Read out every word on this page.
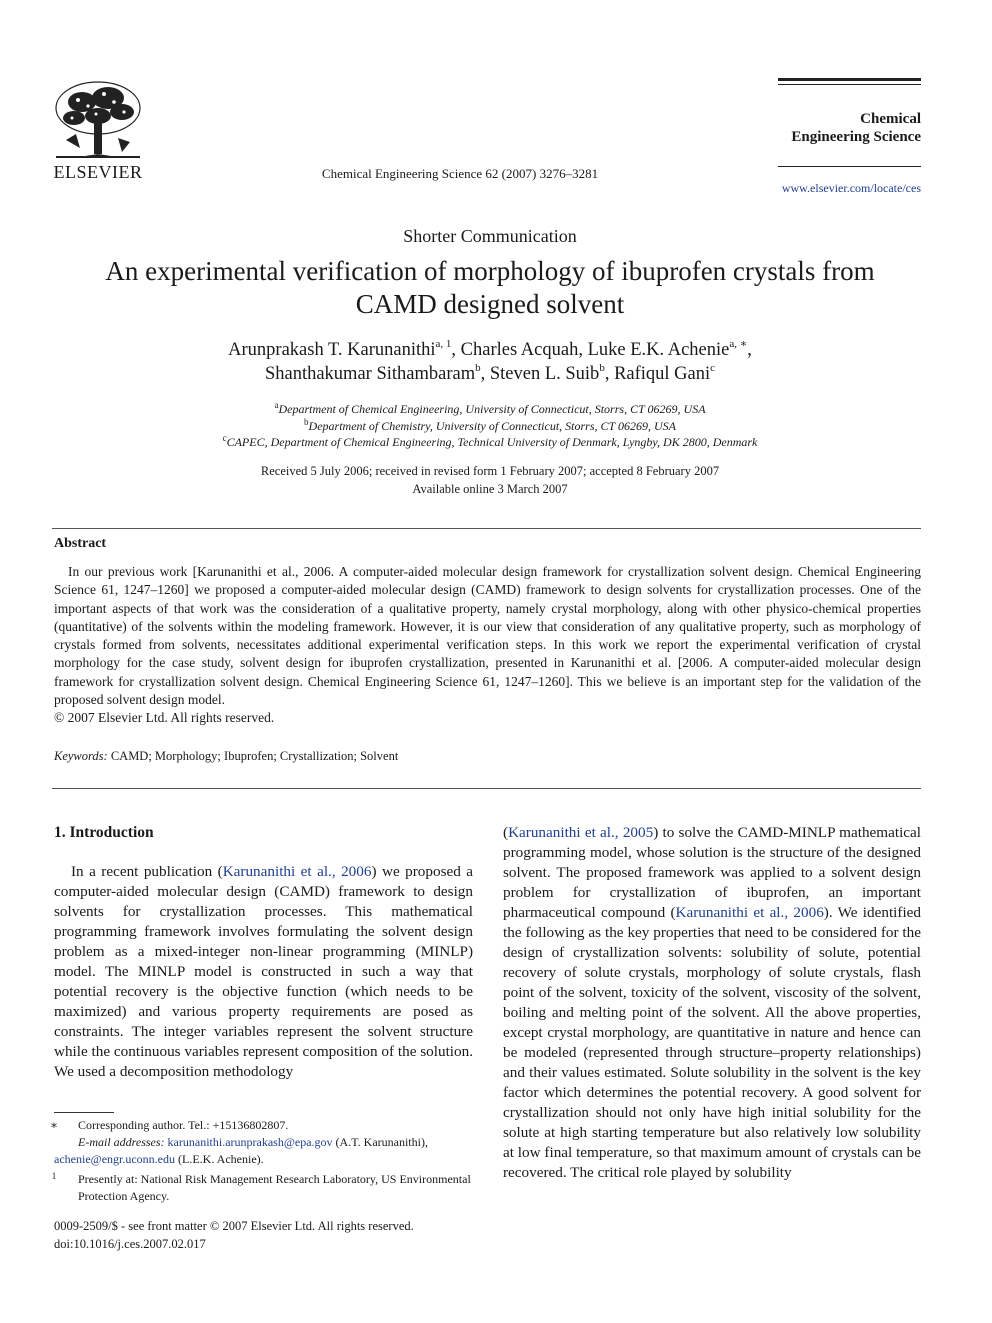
ELSEVIER	Chemical Engineering Science 62 (2007) 3276–3281
Chemical
Engineering Science
www.elsevier.com/locate/ces
Shorter Communication
An experimental verification of morphology of ibuprofen crystals from
CAMD designed solvent
Arunprakash T. Karunanithi$^{a, 1}$, Charles Acquah, Luke E.K. Achenie$^{a, ∗}$,
Shanthakumar Sithambaram$^b$, Steven L. Suib$^b$, Rafiqul Gani$^c$
$^a$Department of Chemical Engineering, University of Connecticut, Storrs, CT 06269, USA
$^b$Department of Chemistry, University of Connecticut, Storrs, CT 06269, USA
$^c$CAPEC, Department of Chemical Engineering, Technical University of Denmark, Lyngby, DK 2800, Denmark
Received 5 July 2006; received in revised form 1 February 2007; accepted 8 February 2007
Available online 3 March 2007
Abstract
In our previous work [Karunanithi et al., 2006. A computer-aided molecular design framework for crystallization solvent design. Chemical Engineering Science 61, 1247–1260] we proposed a computer-aided molecular design (CAMD) framework to design solvents for crystallization processes. One of the important aspects of that work was the consideration of a qualitative property, namely crystal morphology, along with other physico-chemical properties (quantitative) of the solvents within the modeling framework. However, it is our view that consideration of any qualitative property, such as morphology of crystals formed from solvents, necessitates additional experimental verification steps. In this work we report the experimental verification of crystal morphology for the case study, solvent design for ibuprofen crystallization, presented in Karunanithi et al. [2006. A computer-aided molecular design framework for crystallization solvent design. Chemical Engineering Science 61, 1247–1260]. This we believe is an important step for the validation of the proposed solvent design model.
© 2007 Elsevier Ltd. All rights reserved.
Keywords: CAMD; Morphology; Ibuprofen; Crystallization; Solvent
1. Introduction
In a recent publication (Karunanithi et al., 2006) we proposed a computer-aided molecular design (CAMD) framework to design solvents for crystallization processes. This mathematical programming framework involves formulating the solvent design problem as a mixed-integer non-linear programming (MINLP) model. The MINLP model is constructed in such a way that potential recovery is the objective function (which needs to be maximized) and various property requirements are posed as constraints. The integer variables represent the solvent structure while the continuous variables represent composition of the solution. We used a decomposition methodology
(Karunanithi et al., 2005) to solve the CAMD-MINLP mathematical programming model, whose solution is the structure of the designed solvent. The proposed framework was applied to a solvent design problem for crystallization of ibuprofen, an important pharmaceutical compound (Karunanithi et al., 2006). We identified the following as the key properties that need to be considered for the design of crystallization solvents: solubility of solute, potential recovery of solute crystals, morphology of solute crystals, flash point of the solvent, toxicity of the solvent, viscosity of the solvent, boiling and melting point of the solvent. All the above properties, except crystal morphology, are quantitative in nature and hence can be modeled (represented through structure–property relationships) and their values estimated. Solute solubility in the solvent is the key factor which determines the potential recovery. A good solvent for crystallization should not only have high initial solubility for the solute at high starting temperature but also relatively low solubility at low final temperature, so that maximum amount of crystals can be recovered. The critical role played by solubility

∗ Corresponding author. Tel.: +15136802807.

E-mail addresses: karunanithi.arunprakash@epa.gov (A.T. Karunanithi),

achenie@engr.uconn.edu (L.E.K. Achenie).

1 Presently at: National Risk Management Research Laboratory, US Environmental Protection Agency.

0009-2509/$ - see front matter © 2007 Elsevier Ltd. All rights reserved.
doi:10.1016/j.ces.2007.02.017
